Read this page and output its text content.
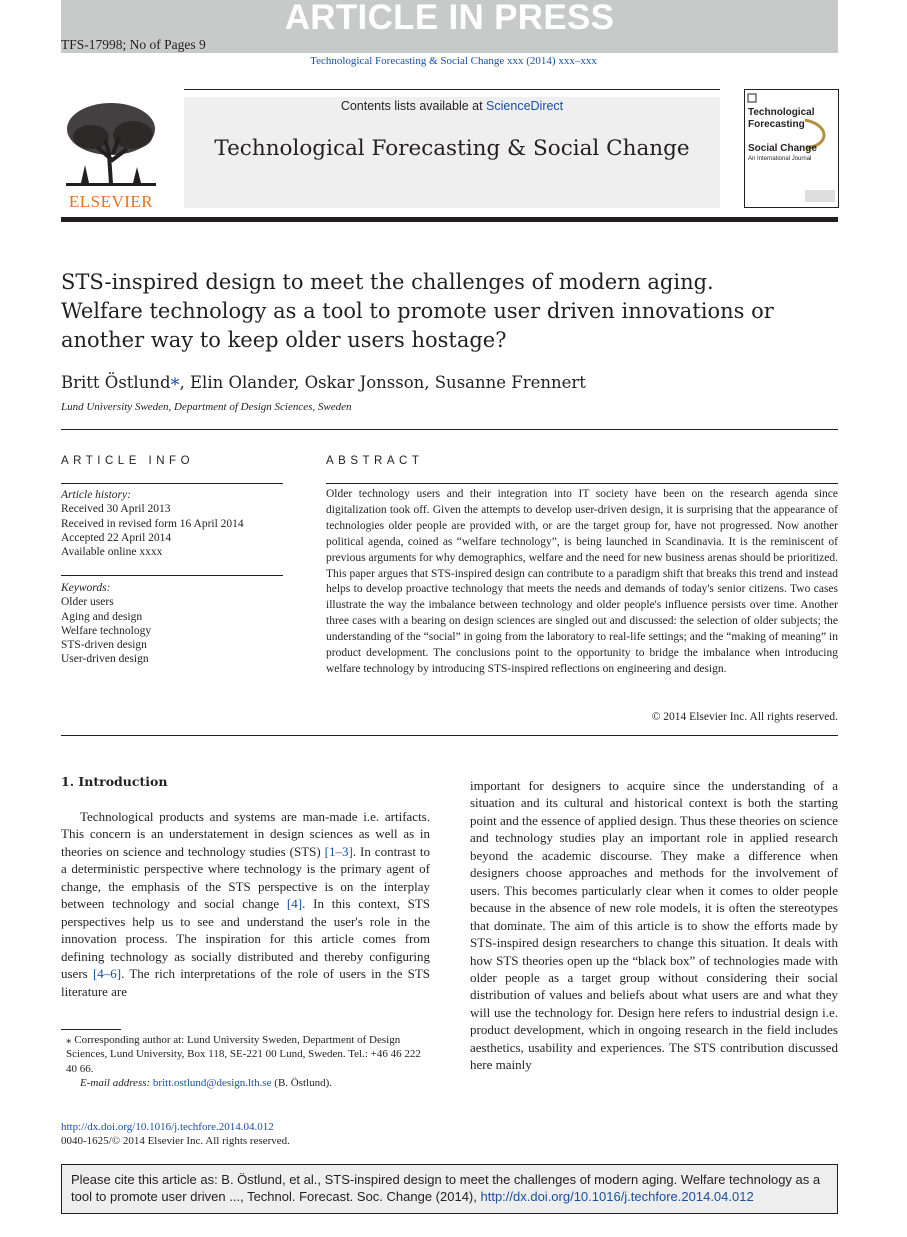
ARTICLE IN PRESS
TFS-17998; No of Pages 9
Technological Forecasting & Social Change xxx (2014) xxx–xxx
ELSEVIER
Contents lists available at ScienceDirect
Technological Forecasting & Social Change
Technological
Forecasting
Social Change
An International Journal
STS-inspired design to meet the challenges of modern aging. Welfare technology as a tool to promote user driven innovations or another way to keep older users hostage?
Britt Östlund⁎, Elin Olander, Oskar Jonsson, Susanne Frennert
Lund University Sweden, Department of Design Sciences, Sweden
ARTICLE INFO
Article history:
Received 30 April 2013
Received in revised form 16 April 2014
Accepted 22 April 2014
Available online xxxx
Keywords:
Older users
Aging and design
Welfare technology
STS-driven design
User-driven design
ABSTRACT
Older technology users and their integration into IT society have been on the research agenda since digitalization took off. Given the attempts to develop user-driven design, it is surprising that the appearance of technologies older people are provided with, or are the target group for, have not progressed. Now another political agenda, coined as “welfare technology”, is being launched in Scandinavia. It is the reminiscent of previous arguments for why demographics, welfare and the need for new business arenas should be prioritized. This paper argues that STS-inspired design can contribute to a paradigm shift that breaks this trend and instead helps to develop proactive technology that meets the needs and demands of today's senior citizens. Two cases illustrate the way the imbalance between technology and older people's influence persists over time. Another three cases with a bearing on design sciences are singled out and discussed: the selection of older subjects; the understanding of the “social” in going from the laboratory to real-life settings; and the “making of meaning” in product development. The conclusions point to the opportunity to bridge the imbalance when introducing welfare technology by introducing STS-inspired reflections on engineering and design.
© 2014 Elsevier Inc. All rights reserved.
1. Introduction
Technological products and systems are man-made i.e. artifacts. This concern is an understatement in design sciences as well as in theories on science and technology studies (STS) [1–3]. In contrast to a deterministic perspective where technology is the primary agent of change, the emphasis of the STS perspective is on the interplay between technology and social change [4]. In this context, STS perspectives help us to see and understand the user's role in the innovation process. The inspiration for this article comes from defining technology as socially distributed and thereby configuring users [4–6]. The rich interpretations of the role of users in the STS literature are
important for designers to acquire since the understanding of a situation and its cultural and historical context is both the starting point and the essence of applied design. Thus these theories on science and technology studies play an important role in applied research beyond the academic discourse. They make a difference when designers choose approaches and methods for the involvement of users. This becomes particularly clear when it comes to older people because in the absence of new role models, it is often the stereotypes that dominate. The aim of this article is to show the efforts made by STS-inspired design researchers to change this situation. It deals with how STS theories open up the “black box” of technologies made with older people as a target group without considering their social distribution of values and beliefs about what users are and what they will use the technology for. Design here refers to industrial design i.e. product development, which in ongoing research in the field includes aesthetics, usability and experiences. The STS contribution discussed here mainly
⁎ Corresponding author at: Lund University Sweden, Department of Design Sciences, Lund University, Box 118, SE-221 00 Lund, Sweden. Tel.: +46 46 222 40 66.
E-mail address: britt.ostlund@design.lth.se (B. Östlund).
http://dx.doi.org/10.1016/j.techfore.2014.04.012
0040-1625/© 2014 Elsevier Inc. All rights reserved.
Please cite this article as: B. Östlund, et al., STS-inspired design to meet the challenges of modern aging. Welfare technology as a tool to promote user driven ..., Technol. Forecast. Soc. Change (2014), http://dx.doi.org/10.1016/j.techfore.2014.04.012
